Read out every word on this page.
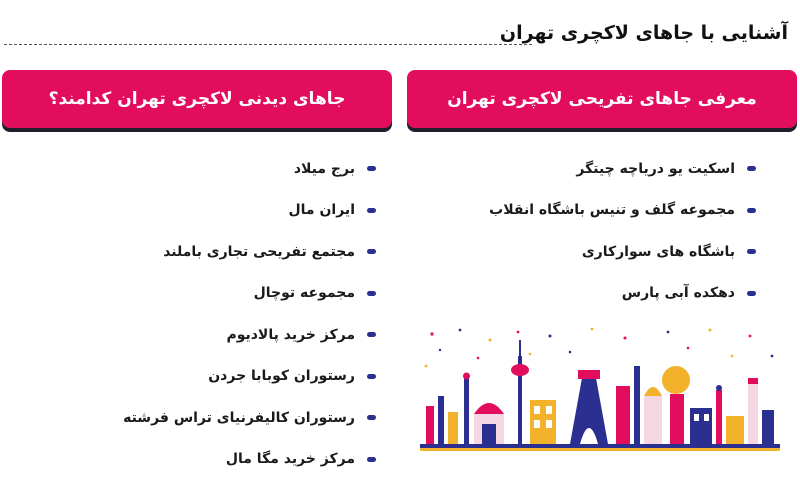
آشنایی با جاهای لاکچری تهران
معرفی جاهای تفریحی لاکچری تهران
جاهای دیدنی لاکچری تهران کدامند؟
اسکیت یو دریاچه چیتگر
مجموعه گلف و تنیس باشگاه انقلاب
باشگاه های سوارکاری
دهکده آبی پارس
برج میلاد
ایران مال
مجتمع تفریحی تجاری باملند
مجموعه توچال
مرکز خرید پالادیوم
رستوران کوبابا جردن
رستوران کالیفرنیای تراس فرشته
مرکز خرید مگا مال
